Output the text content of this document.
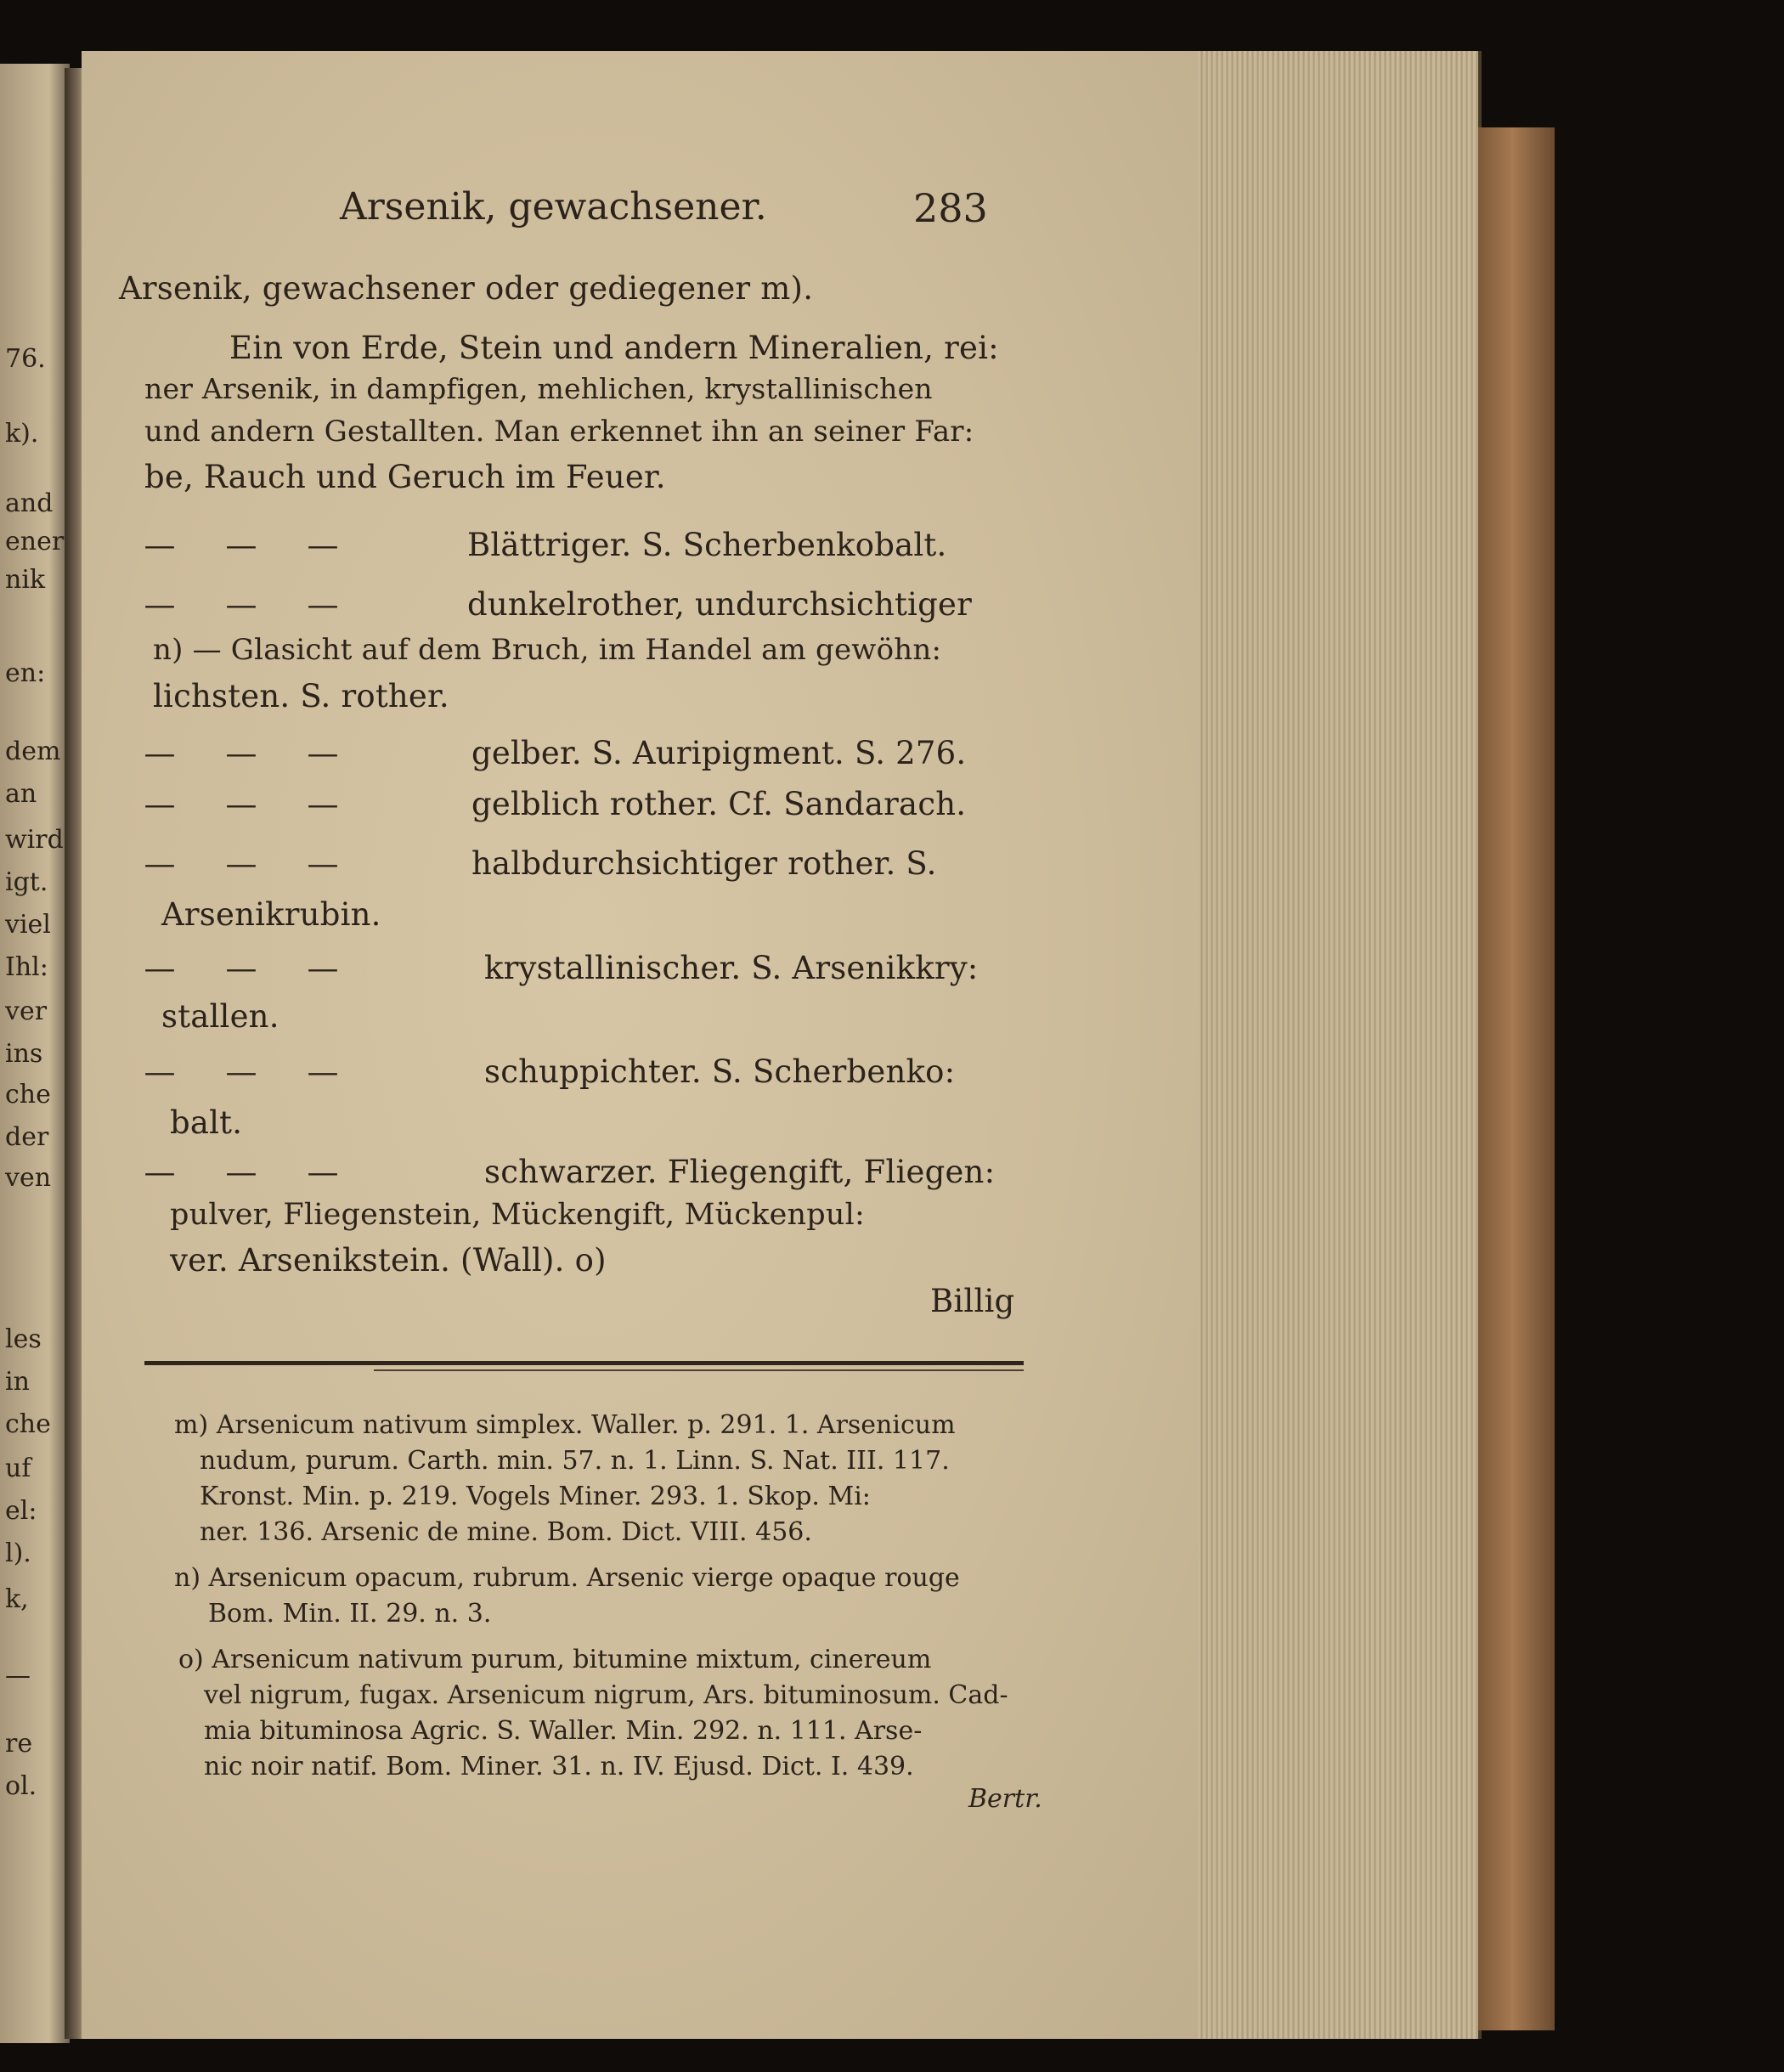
76.
k).
and
ener
nik
en:
dem
an
wird
igt.
viel
Ihl:
ver
ins
che
der
ven
les
in
che
uf
el:
l).
k,
—
re
ol.
Arsenik, gewachsener.	283
Arsenik, gewachsener oder gediegener m).
Ein von Erde, Stein und andern Mineralien, rei:
ner Arsenik, in dampfigen, mehlichen, krystallinischen
und andern Gestallten. Man erkennet ihn an seiner Far:
be, Rauch und Geruch im Feuer.
— — —	Blättriger. S. Scherbenkobalt.
— — —	dunkelrother, undurchsichtiger
n) — Glasicht auf dem Bruch, im Handel am gewöhn:
lichsten. S. rother.
— — —	gelber. S. Auripigment. S. 276.
— — —	gelblich rother. Cf. Sandarach.
— — —	halbdurchsichtiger rother. S.
Arsenikrubin.
— — —	krystallinischer. S. Arsenikkry:
stallen.
— — —	schuppichter. S. Scherbenko:
balt.
— — —	schwarzer. Fliegengift, Fliegen:
pulver, Fliegenstein, Mückengift, Mückenpul:
ver. Arsenikstein. (Wall). o)
Billig
m) Arsenicum nativum simplex. Waller. p. 291. 1. Arsenicum
nudum, purum. Carth. min. 57. n. 1. Linn. S. Nat. III. 117.
Kronst. Min. p. 219. Vogels Miner. 293. 1. Skop. Mi:
ner. 136. Arsenic de mine. Bom. Dict. VIII. 456.
n) Arsenicum opacum, rubrum. Arsenic vierge opaque rouge
Bom. Min. II. 29. n. 3.
o) Arsenicum nativum purum, bitumine mixtum, cinereum
vel nigrum, fugax. Arsenicum nigrum, Ars. bituminosum. Cad-
mia bituminosa Agric. S. Waller. Min. 292. n. 111. Arse-
nic noir natif. Bom. Miner. 31. n. IV. Ejusd. Dict. I. 439.
Bertr.
